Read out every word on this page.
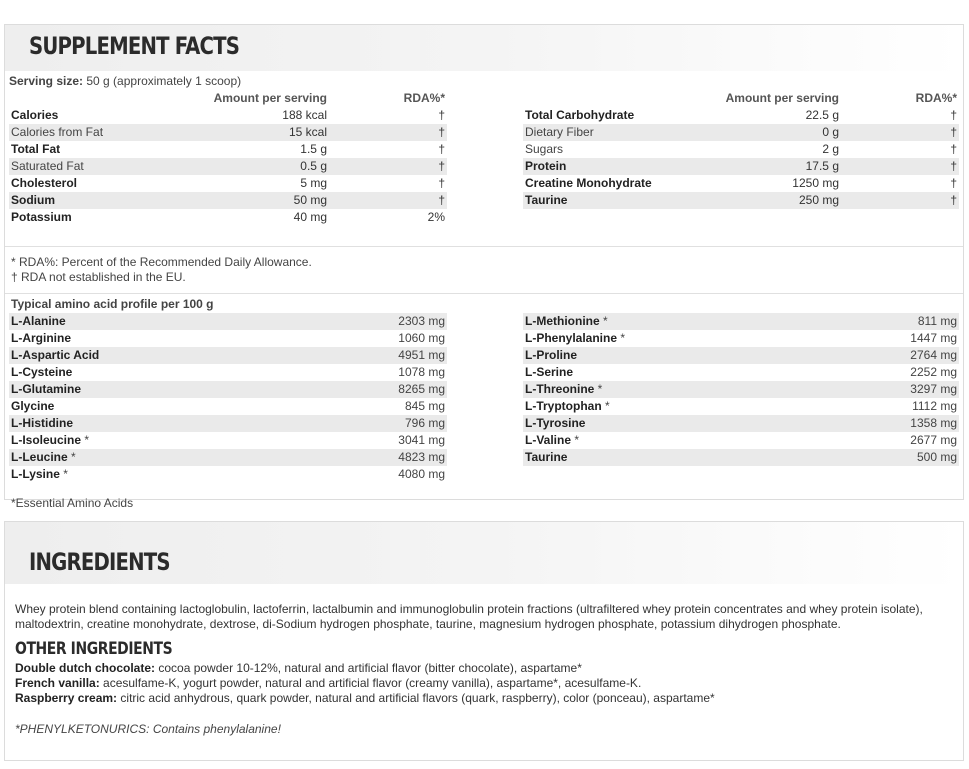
SUPPLEMENT FACTS
Serving size: 50 g (approximately 1 scoop)
Amount per serving	RDA%*
Calories	188 kcal	†
Calories from Fat	15 kcal	†
Total Fat	1.5 g	†
Saturated Fat	0.5 g	†
Cholesterol	5 mg	†
Sodium	50 mg	†
Potassium	40 mg	2%
Amount per serving	RDA%*
Total Carbohydrate	22.5 g	†
Dietary Fiber	0 g	†
Sugars	2 g	†
Protein	17.5 g	†
Creatine Monohydrate	1250 mg	†
Taurine	250 mg	†
* RDA%: Percent of the Recommended Daily Allowance.
† RDA not established in the EU.
Typical amino acid profile per 100 g
L-Alanine	2303 mg
L-Arginine	1060 mg
L-Aspartic Acid	4951 mg
L-Cysteine	1078 mg
L-Glutamine	8265 mg
Glycine	845 mg
L-Histidine	796 mg
L-Isoleucine *	3041 mg
L-Leucine *	4823 mg
L-Lysine *	4080 mg
L-Methionine *	811 mg
L-Phenylalanine *	1447 mg
L-Proline	2764 mg
L-Serine	2252 mg
L-Threonine *	3297 mg
L-Tryptophan *	1112 mg
L-Tyrosine	1358 mg
L-Valine *	2677 mg
Taurine	500 mg
*Essential Amino Acids
INGREDIENTS
Whey protein blend containing lactoglobulin, lactoferrin, lactalbumin and immunoglobulin protein fractions (ultrafiltered whey protein concentrates and whey protein isolate), maltodextrin, creatine monohydrate, dextrose, di-Sodium hydrogen phosphate, taurine, magnesium hydrogen phosphate, potassium dihydrogen phosphate.
OTHER INGREDIENTS
Double dutch chocolate: cocoa powder 10-12%, natural and artificial flavor (bitter chocolate), aspartame*
French vanilla: acesulfame-K, yogurt powder, natural and artificial flavor (creamy vanilla), aspartame*, acesulfame-K.
Raspberry cream: citric acid anhydrous, quark powder, natural and artificial flavors (quark, raspberry), color (ponceau), aspartame*
*PHENYLKETONURICS: Contains phenylalanine!
